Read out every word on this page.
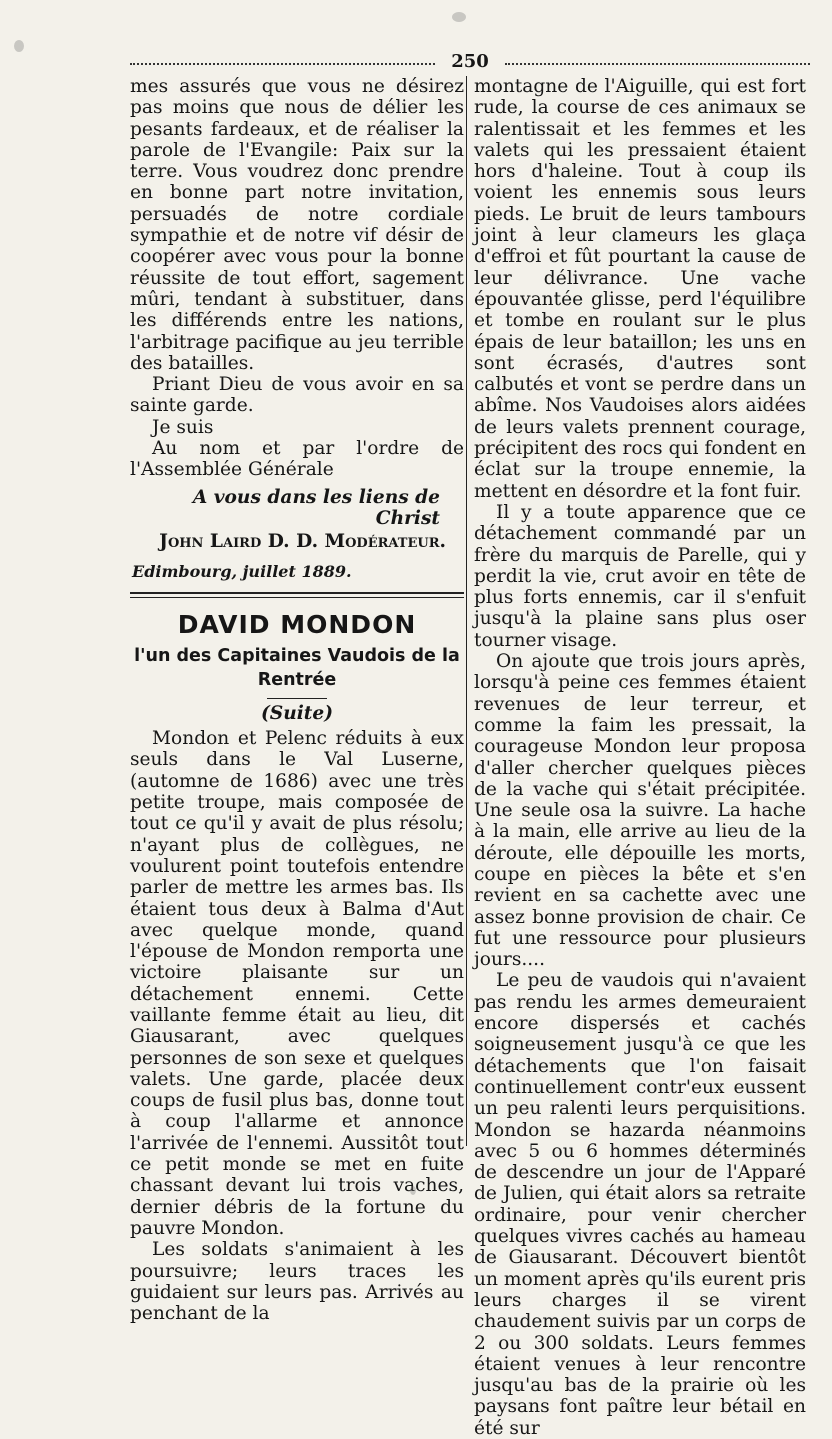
250

mes assurés que vous ne désirez pas moins que nous de délier les pesants fardeaux, et de réaliser la parole de l'Evangile: Paix sur la terre. Vous voudrez donc prendre en bonne part notre invitation, persuadés de notre cordiale sympathie et de notre vif désir de coopérer avec vous pour la bonne réussite de tout effort, sagement mûri, tendant à substituer, dans les différends entre les nations, l'arbitrage pacifique au jeu terrible des batailles.

Priant Dieu de vous avoir en sa sainte garde.

Je suis

Au nom et par l'ordre de l'Assemblée Générale

A vous dans les liens de Christ

John Laird D. D. Modérateur.

Edimbourg, juillet 1889.

DAVID MONDON
l'un des Capitaines Vaudois de la Rentrée
(Suite)

Mondon et Pelenc réduits à eux seuls dans le Val Luserne, (automne de 1686) avec une très petite troupe, mais composée de tout ce qu'il y avait de plus résolu; n'ayant plus de collègues, ne voulurent point toutefois entendre parler de mettre les armes bas. Ils étaient tous deux à Balma d'Aut avec quelque monde, quand l'épouse de Mondon remporta une victoire plaisante sur un détachement ennemi. Cette vaillante femme était au lieu, dit Giausarant, avec quelques personnes de son sexe et quelques valets. Une garde, placée deux coups de fusil plus bas, donne tout à coup l'allarme et annonce l'arrivée de l'ennemi. Aussitôt tout ce petit monde se met en fuite chassant devant lui trois vaches, dernier débris de la fortune du pauvre Mondon.

Les soldats s'animaient à les poursuivre; leurs traces les guidaient sur leurs pas. Arrivés au penchant de la

montagne de l'Aiguille, qui est fort rude, la course de ces animaux se ralentissait et les femmes et les valets qui les pressaient étaient hors d'haleine. Tout à coup ils voient les ennemis sous leurs pieds. Le bruit de leurs tambours joint à leur clameurs les glaça d'effroi et fût pourtant la cause de leur délivrance. Une vache épouvantée glisse, perd l'équilibre et tombe en roulant sur le plus épais de leur bataillon; les uns en sont écrasés, d'autres sont calbutés et vont se perdre dans un abîme. Nos Vaudoises alors aidées de leurs valets prennent courage, précipitent des rocs qui fondent en éclat sur la troupe ennemie, la mettent en désordre et la font fuir.

Il y a toute apparence que ce détachement commandé par un frère du marquis de Parelle, qui y perdit la vie, crut avoir en tête de plus forts ennemis, car il s'enfuit jusqu'à la plaine sans plus oser tourner visage.

On ajoute que trois jours après, lorsqu'à peine ces femmes étaient revenues de leur terreur, et comme la faim les pressait, la courageuse Mondon leur proposa d'aller chercher quelques pièces de la vache qui s'était précipitée. Une seule osa la suivre. La hache à la main, elle arrive au lieu de la déroute, elle dépouille les morts, coupe en pièces la bête et s'en revient en sa cachette avec une assez bonne provision de chair. Ce fut une ressource pour plusieurs jours....

Le peu de vaudois qui n'avaient pas rendu les armes demeuraient encore dispersés et cachés soigneusement jusqu'à ce que les détachements que l'on faisait continuellement contr'eux eussent un peu ralenti leurs perquisitions. Mondon se hazarda néanmoins avec 5 ou 6 hommes déterminés de descendre un jour de l'Apparé de Julien, qui était alors sa retraite ordinaire, pour venir chercher quelques vivres cachés au hameau de Giausarant. Découvert bientôt un moment après qu'ils eurent pris leurs charges il se virent chaudement suivis par un corps de 2 ou 300 soldats. Leurs femmes étaient venues à leur rencontre jusqu'au bas de la prairie où les paysans font paître leur bétail en été sur
